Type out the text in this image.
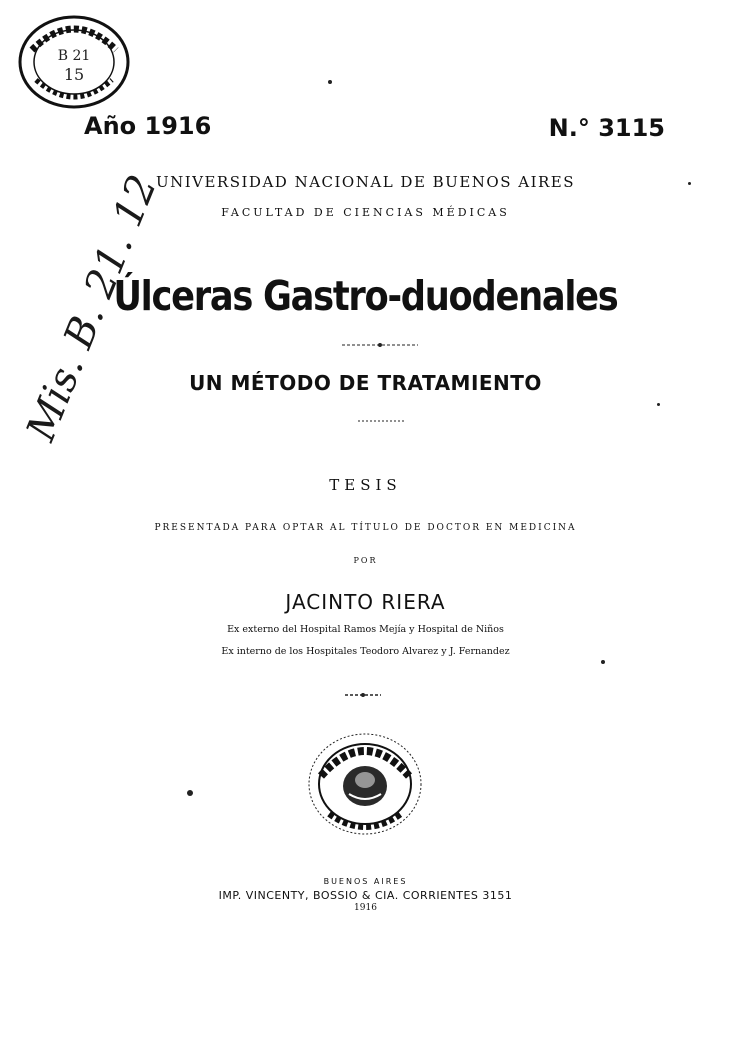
B 21
15
Año 1916	N.° 3115
UNIVERSIDAD NACIONAL DE BUENOS AIRES
FACULTAD DE CIENCIAS MÉDICAS
Mis. B. 21. 12
Úlceras Gastro-duodenales
UN MÉTODO DE TRATAMIENTO
TESIS
PRESENTADA PARA OPTAR AL TÍTULO DE DOCTOR EN MEDICINA
POR
JACINTO RIERA
Ex externo del Hospital Ramos Mejía y Hospital de Niños
Ex interno de los Hospitales Teodoro Alvarez y J. Fernandez
BUENOS AIRES
IMP. VINCENTY, BOSSIO & CIA. CORRIENTES 3151
1916
